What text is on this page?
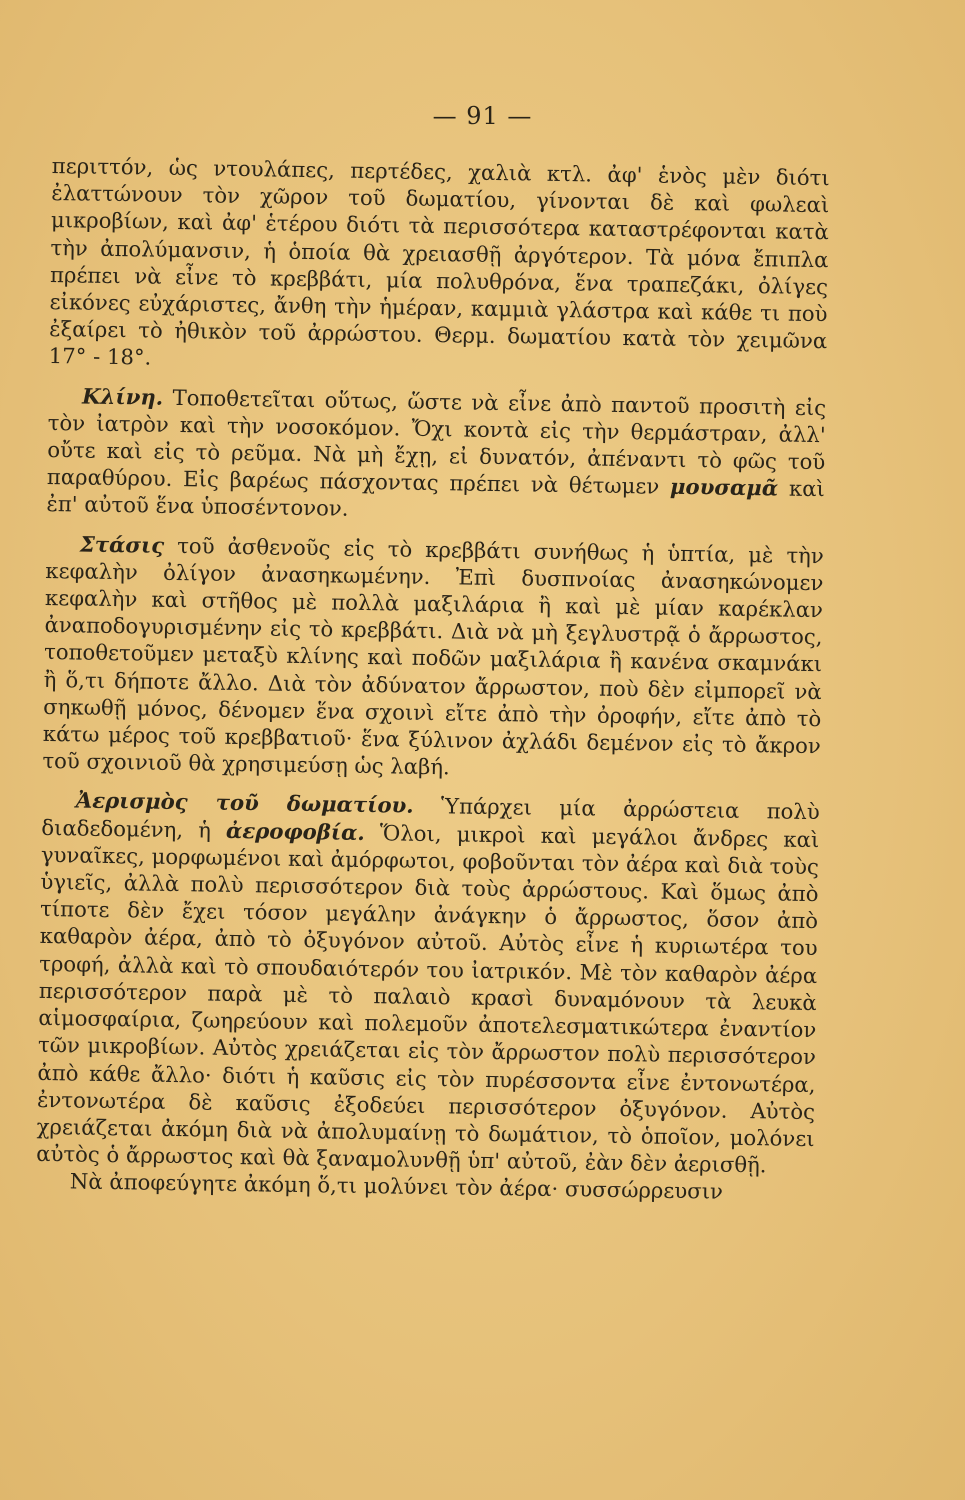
— 91 —

περιττόν, ὡς ντουλάπες, περτέδες, χαλιὰ κτλ. ἀφ' ἑνὸς μὲν διότι ἐλαττώνουν τὸν χῶρον τοῦ δωματίου, γίνονται δὲ καὶ φωλεαὶ μικροβίων, καὶ ἀφ' ἑτέρου διότι τὰ περισσότερα καταστρέφονται κατὰ τὴν ἀπολύμανσιν, ἡ ὁποία θὰ χρειασθῇ ἀργότερον. Τὰ μόνα ἔπιπλα πρέπει νὰ εἶνε τὸ κρεββάτι, μία πολυθρόνα, ἕνα τραπεζάκι, ὀλίγες εἰκόνες εὐχάριστες, ἄνθη τὴν ἡμέραν, καμμιὰ γλάστρα καὶ κάθε τι ποὺ ἐξαίρει τὸ ἠθικὸν τοῦ ἀρρώστου. Θερμ. δωματίου κατὰ τὸν χειμῶνα 17° - 18°.

Κλίνη. Τοποθετεῖται οὕτως, ὥστε νὰ εἶνε ἀπὸ παντοῦ προσιτὴ εἰς τὸν ἰατρὸν καὶ τὴν νοσοκόμον. Ὄχι κοντὰ εἰς τὴν θερμάστραν, ἀλλ' οὔτε καὶ εἰς τὸ ρεῦμα. Νὰ μὴ ἔχῃ, εἰ δυνατόν, ἀπέναντι τὸ φῶς τοῦ παραθύρου. Εἰς βαρέως πάσχοντας πρέπει νὰ θέτωμεν μουσαμᾶ καὶ ἐπ' αὐτοῦ ἕνα ὑποσέντονον.

Στάσις τοῦ ἀσθενοῦς εἰς τὸ κρεββάτι συνήθως ἡ ὑπτία, μὲ τὴν κεφαλὴν ὀλίγον ἀνασηκωμένην. Ἐπὶ δυσπνοίας ἀνασηκώνομεν κεφαλὴν καὶ στῆθος μὲ πολλὰ μαξιλάρια ἢ καὶ μὲ μίαν καρέκλαν ἀναποδογυρισμένην εἰς τὸ κρεββάτι. Διὰ νὰ μὴ ξεγλυστρᾷ ὁ ἄρρωστος, τοποθετοῦμεν μεταξὺ κλίνης καὶ ποδῶν μαξιλάρια ἢ κανένα σκαμνάκι ἢ ὅ,τι δήποτε ἄλλο. Διὰ τὸν ἀδύνατον ἄρρωστον, ποὺ δὲν εἰμπορεῖ νὰ σηκωθῇ μόνος, δένομεν ἕνα σχοινὶ εἴτε ἀπὸ τὴν ὀροφήν, εἴτε ἀπὸ τὸ κάτω μέρος τοῦ κρεββατιοῦ· ἕνα ξύλινον ἀχλάδι δεμένον εἰς τὸ ἄκρον τοῦ σχοινιοῦ θὰ χρησιμεύσῃ ὡς λαβή.

Ἀερισμὸς τοῦ δωματίου. Ὑπάρχει μία ἀρρώστεια πολὺ διαδεδομένη, ἡ ἀεροφοβία. Ὅλοι, μικροὶ καὶ μεγάλοι ἄνδρες καὶ γυναῖκες, μορφωμένοι καὶ ἀμόρφωτοι, φοβοῦνται τὸν ἀέρα καὶ διὰ τοὺς ὑγιεῖς, ἀλλὰ πολὺ περισσότερον διὰ τοὺς ἀρρώστους. Καὶ ὅμως ἀπὸ τίποτε δὲν ἔχει τόσον μεγάλην ἀνάγκην ὁ ἄρρωστος, ὅσον ἀπὸ καθαρὸν ἀέρα, ἀπὸ τὸ ὀξυγόνον αὐτοῦ. Αὐτὸς εἶνε ἡ κυριωτέρα του τροφή, ἀλλὰ καὶ τὸ σπουδαιότερόν του ἰατρικόν. Μὲ τὸν καθαρὸν ἀέρα περισσότερον παρὰ μὲ τὸ παλαιὸ κρασὶ δυναμόνουν τὰ λευκὰ αἱμοσφαίρια, ζωηρεύουν καὶ πολεμοῦν ἀποτελεσματικώτερα ἐναντίον τῶν μικροβίων. Αὐτὸς χρειάζεται εἰς τὸν ἄρρωστον πολὺ περισσότερον ἀπὸ κάθε ἄλλο· διότι ἡ καῦσις εἰς τὸν πυρέσσοντα εἶνε ἐντονωτέρα, ἐντονωτέρα δὲ καῦσις ἐξοδεύει περισσότερον ὀξυγόνον. Αὐτὸς χρειάζεται ἀκόμη διὰ νὰ ἀπολυμαίνῃ τὸ δωμάτιον, τὸ ὁποῖον, μολόνει αὐτὸς ὁ ἄρρωστος καὶ θὰ ξαναμολυνθῇ ὑπ' αὐτοῦ, ἐὰν δὲν ἀερισθῇ.

Νὰ ἀποφεύγητε ἀκόμη ὅ,τι μολύνει τὸν ἀέρα· συσσώρρευσιν
